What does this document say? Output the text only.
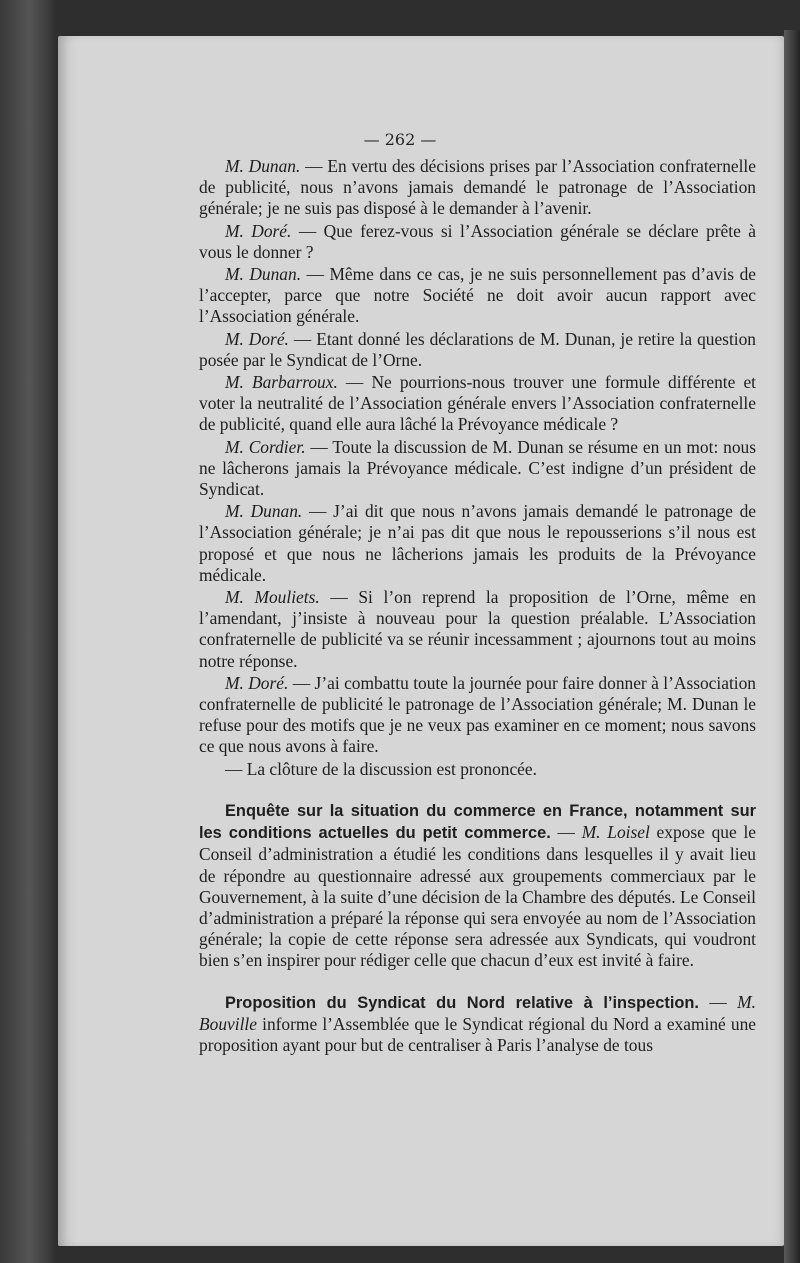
— 262 —

M. Dunan. — En vertu des décisions prises par l’Association confraternelle de publicité, nous n’avons jamais demandé le patronage de l’Association générale; je ne suis pas disposé à le demander à l’avenir.

M. Doré. — Que ferez-vous si l’Association générale se déclare prête à vous le donner ?

M. Dunan. — Même dans ce cas, je ne suis personnellement pas d’avis de l’accepter, parce que notre Société ne doit avoir aucun rapport avec l’Association générale.

M. Doré. — Etant donné les déclarations de M. Dunan, je retire la question posée par le Syndicat de l’Orne.

M. Barbarroux. — Ne pourrions-nous trouver une formule différente et voter la neutralité de l’Association générale envers l’Association confraternelle de publicité, quand elle aura lâché la Prévoyance médicale ?

M. Cordier. — Toute la discussion de M. Dunan se résume en un mot: nous ne lâcherons jamais la Prévoyance médicale. C’est indigne d’un président de Syndicat.

M. Dunan. — J’ai dit que nous n’avons jamais demandé le patronage de l’Association générale; je n’ai pas dit que nous le repousserions s’il nous est proposé et que nous ne lâcherions jamais les produits de la Prévoyance médicale.

M. Mouliets. — Si l’on reprend la proposition de l’Orne, même en l’amendant, j’insiste à nouveau pour la question préalable. L’Association confraternelle de publicité va se réunir incessamment ; ajournons tout au moins notre réponse.

M. Doré. — J’ai combattu toute la journée pour faire donner à l’Association confraternelle de publicité le patronage de l’Association générale; M. Dunan le refuse pour des motifs que je ne veux pas examiner en ce moment; nous savons ce que nous avons à faire.

— La clôture de la discussion est prononcée.

Enquête sur la situation du commerce en France, notamment sur les conditions actuelles du petit commerce. — M. Loisel expose que le Conseil d’administration a étudié les conditions dans lesquelles il y avait lieu de répondre au questionnaire adressé aux groupements commerciaux par le Gouvernement, à la suite d’une décision de la Chambre des députés. Le Conseil d’administration a préparé la réponse qui sera envoyée au nom de l’Association générale; la copie de cette réponse sera adressée aux Syndicats, qui voudront bien s’en inspirer pour rédiger celle que chacun d’eux est invité à faire.

Proposition du Syndicat du Nord relative à l’inspection. — M. Bouville informe l’Assemblée que le Syndicat régional du Nord a examiné une proposition ayant pour but de centraliser à Paris l’analyse de tous
